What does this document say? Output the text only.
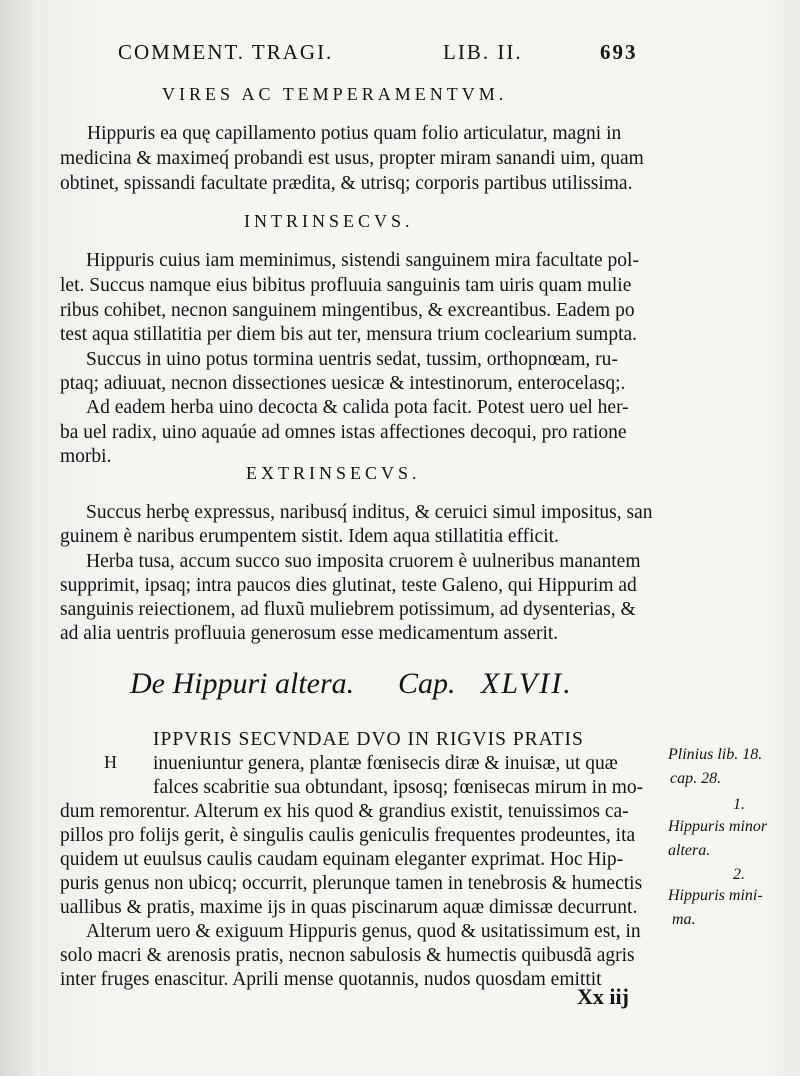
COMMENT. TRAGI.	LIB. II.	693
VIRES AC TEMPERAMENTVM.
Hippuris ea quę capillamento potius quam folio articulatur, magni in
medicina & maximeq́ probandi est usus, propter miram sanandi uim, quam
obtinet, spissandi facultate prædita, & utrisq; corporis partibus utilissima.
INTRINSECVS.
Hippuris cuius iam meminimus, sistendi sanguinem mira facultate pol-
let. Succus namque eius bibitus profluuia sanguinis tam uiris quam mulie
ribus cohibet, necnon sanguinem mingentibus, & excreantibus. Eadem po
test aqua stillatitia per diem bis aut ter, mensura trium coclearium sumpta.
Succus in uino potus tormina uentris sedat, tussim, orthopnœam, ru-
ptaq; adiuuat, necnon dissectiones uesicæ & intestinorum, enterocelasq;.
Ad eadem herba uino decocta & calida pota facit. Potest uero uel her-
ba uel radix, uino aquaúe ad omnes istas affectiones decoqui, pro ratione
morbi.
EXTRINSECVS.
Succus herbę expressus, naribusq́ inditus, & ceruici simul impositus, san
guinem è naribus erumpentem sistit. Idem aqua stillatitia efficit.
Herba tusa, accum succo suo imposita cruorem è uulneribus manantem
supprimit, ipsaq; intra paucos dies glutinat, teste Galeno, qui Hippurim ad
sanguinis reiectionem, ad fluxũ muliebrem potissimum, ad dysenterias, &
ad alia uentris profluuia generosum esse medicamentum asserit.
De Hippuri altera. Cap. XLVII.
IPPVRIS SECVNDAE DVO IN RIGVIS PRATIS
H inueniuntur genera, plantæ fœnisecis diræ & inuisæ, ut quæ
falces scabritie sua obtundant, ipsosq; fœnisecas mirum in mo-
dum remorentur. Alterum ex his quod & grandius existit, tenuissimos ca-
pillos pro folijs gerit, è singulis caulis geniculis frequentes prodeuntes, ita
quidem ut euulsus caulis caudam equinam eleganter exprimat. Hoc Hip-
puris genus non ubicq; occurrit, plerunque tamen in tenebrosis & humectis
uallibus & pratis, maxime ijs in quas piscinarum aquæ dimissæ decurrunt.
Alterum uero & exiguum Hippuris genus, quod & usitatissimum est, in
solo macri & arenosis pratis, necnon sabulosis & humectis quibusdã agris
inter fruges enascitur. Aprili mense quotannis, nudos quosdam emittit
Plinius lib. 18.
cap. 28.
1.
Hippuris minor
altera.
2.
Hippuris mini-
ma.
Xx iij
